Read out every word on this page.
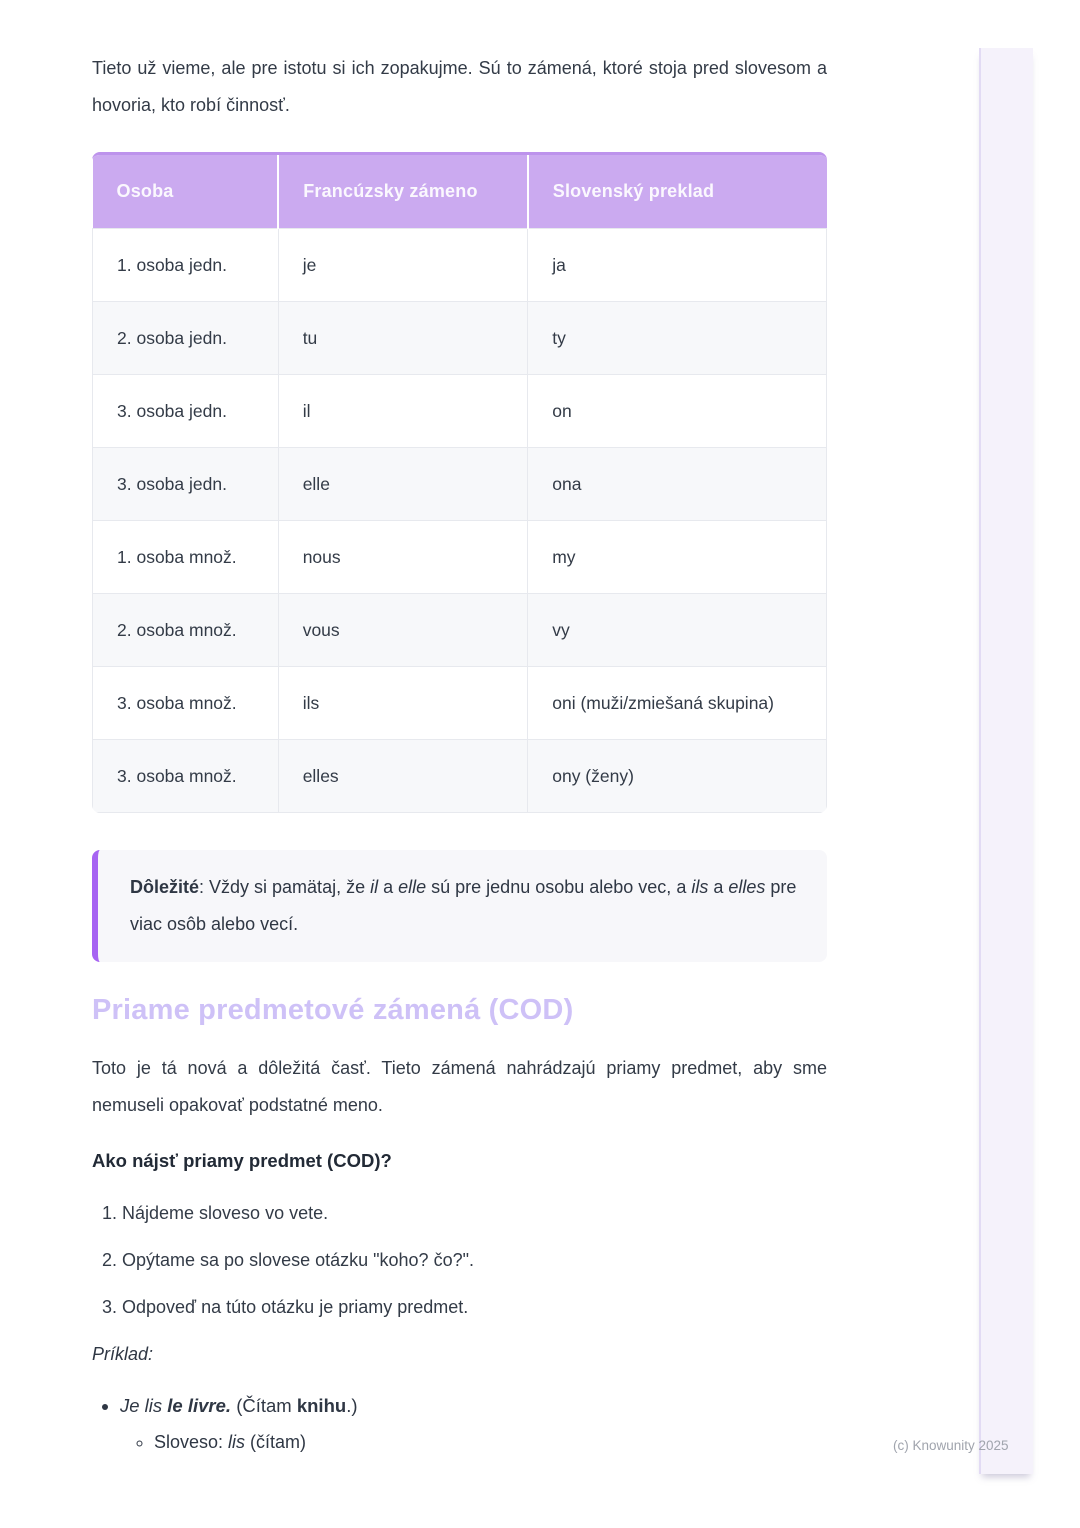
Tieto už vieme, ale pre istotu si ich zopakujme. Sú to zámená, ktoré stoja pred slovesom a hovoria, kto robí činnosť.

Osoba	Francúzsky zámeno	Slovenský preklad
1. osoba jedn.	je	ja
2. osoba jedn.	tu	ty
3. osoba jedn.	il	on
3. osoba jedn.	elle	ona
1. osoba množ.	nous	my
2. osoba množ.	vous	vy
3. osoba množ.	ils	oni (muži/zmiešaná skupina)
3. osoba množ.	elles	ony (ženy)
Dôležité: Vždy si pamätaj, že il a elle sú pre jednu osobu alebo vec, a ils a elles pre viac osôb alebo vecí.
Priame predmetové zámená (COD)

Toto je tá nová a dôležitá časť. Tieto zámená nahrádzajú priamy predmet, aby sme nemuseli opakovať podstatné meno.

Ako nájsť priamy predmet (COD)?

1. Nájdeme sloveso vo vete.
2. Opýtame sa po slovese otázku "koho? čo?".
3. Odpoveď na túto otázku je priamy predmet.

Príklad:

• Je lis le livre. (Čítam knihu.)
◦ Sloveso: lis (čítam)	(c) Knowunity 2025
